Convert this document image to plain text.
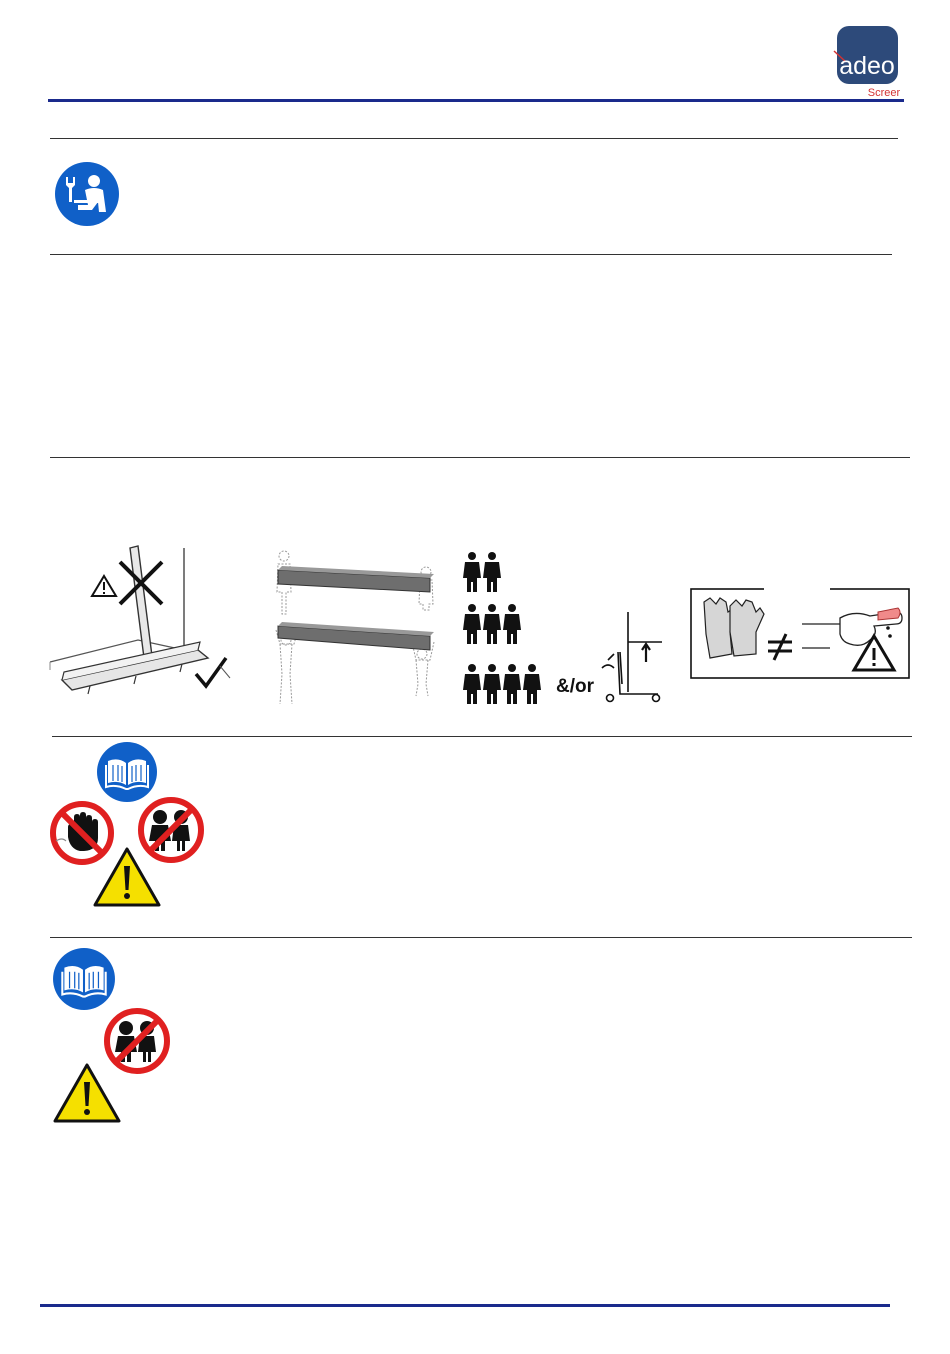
adeo
Screer
&/or
